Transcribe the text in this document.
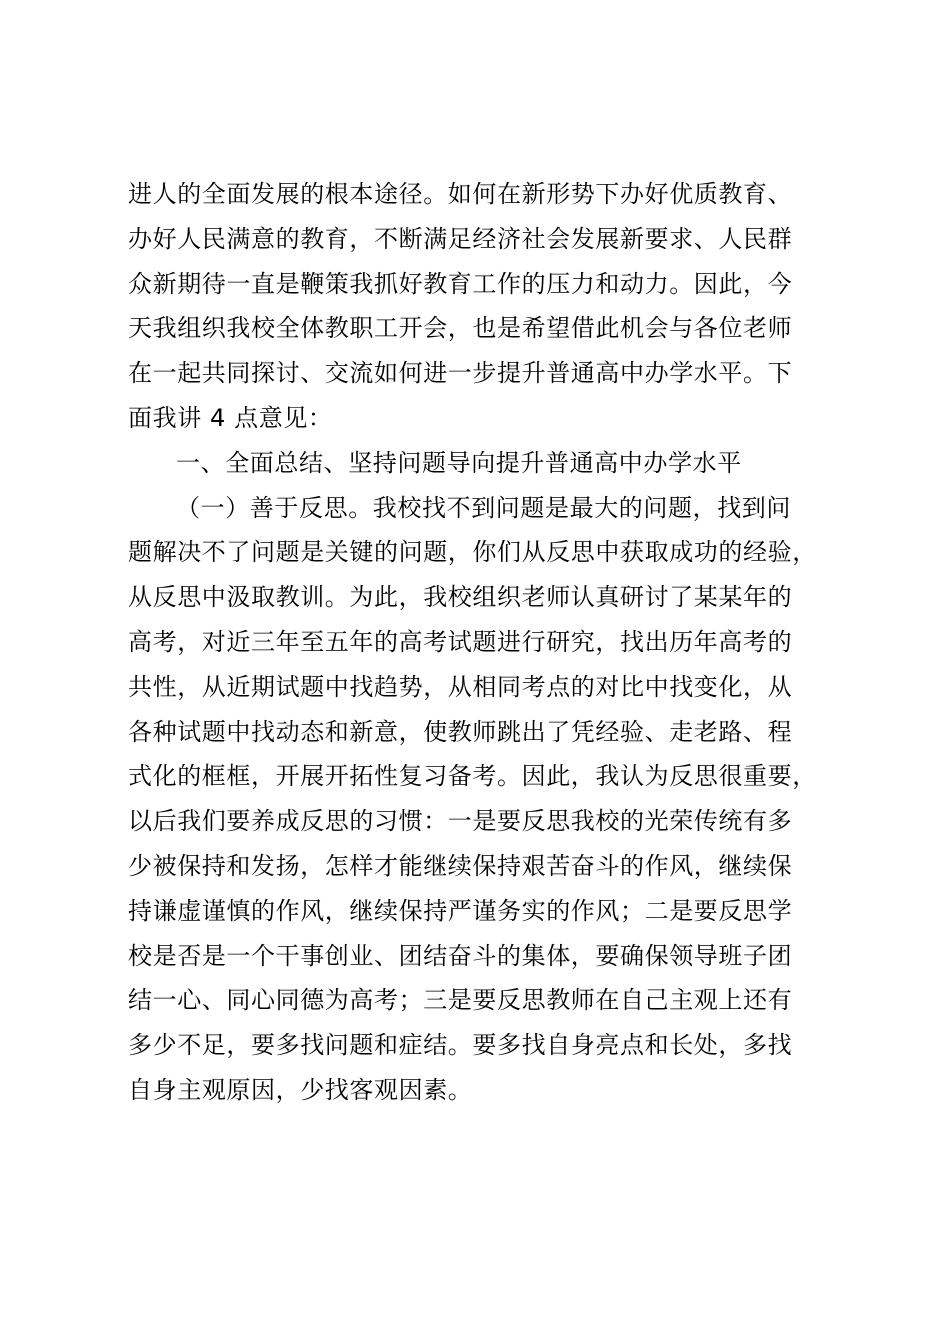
进人的全面发展的根本途径。如何在新形势下办好优质教育、
办好人民满意的教育，不断满足经济社会发展新要求、人民群
众新期待一直是鞭策我抓好教育工作的压力和动力。因此，今
天我组织我校全体教职工开会，也是希望借此机会与各位老师
在一起共同探讨、交流如何进一步提升普通高中办学水平。下
面我讲 4 点意见：
一、全面总结、坚持问题导向提升普通高中办学水平
（一）善于反思。我校找不到问题是最大的问题，找到问
题解决不了问题是关键的问题，你们从反思中获取成功的经验，
从反思中汲取教训。为此，我校组织老师认真研讨了某某年的
高考，对近三年至五年的高考试题进行研究，找出历年高考的
共性，从近期试题中找趋势，从相同考点的对比中找变化，从
各种试题中找动态和新意，使教师跳出了凭经验、走老路、程
式化的框框，开展开拓性复习备考。因此，我认为反思很重要，
以后我们要养成反思的习惯：一是要反思我校的光荣传统有多
少被保持和发扬，怎样才能继续保持艰苦奋斗的作风，继续保
持谦虚谨慎的作风，继续保持严谨务实的作风；二是要反思学
校是否是一个干事创业、团结奋斗的集体，要确保领导班子团
结一心、同心同德为高考；三是要反思教师在自己主观上还有
多少不足，要多找问题和症结。要多找自身亮点和长处，多找
自身主观原因，少找客观因素。
